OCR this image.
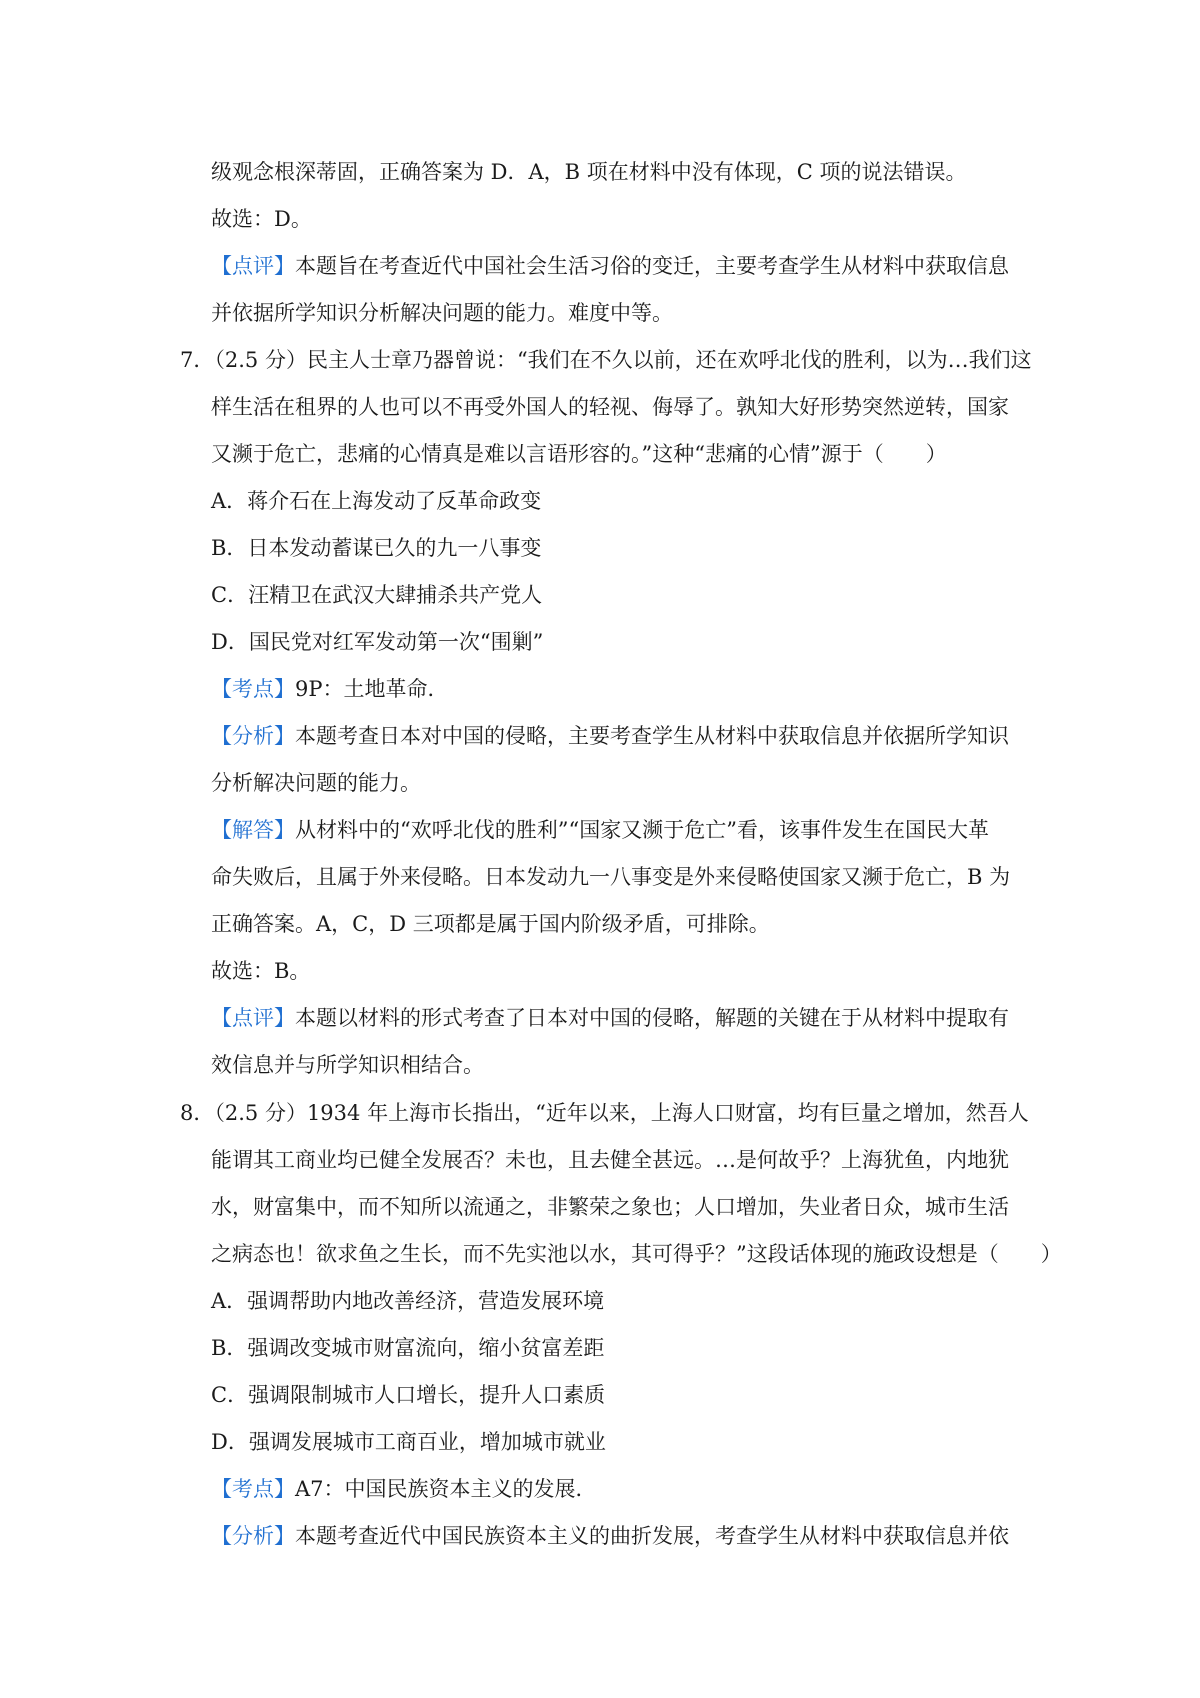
级观念根深蒂固，正确答案为 D．A，B 项在材料中没有体现，C 项的说法错误。
故选：D。
【点评】本题旨在考查近代中国社会生活习俗的变迁，主要考查学生从材料中获取信息
并依据所学知识分析解决问题的能力。难度中等。
7．（2.5 分）民主人士章乃器曾说：“我们在不久以前，还在欢呼北伐的胜利，以为…我们这
样生活在租界的人也可以不再受外国人的轻视、侮辱了。孰知大好形势突然逆转，国家
又濒于危亡，悲痛的心情真是难以言语形容的。”这种“悲痛的心情”源于（　　）
A．蒋介石在上海发动了反革命政变
B．日本发动蓄谋已久的九一八事变
C．汪精卫在武汉大肆捕杀共产党人
D．国民党对红军发动第一次“围剿”
【考点】9P：土地革命．
【分析】本题考查日本对中国的侵略，主要考查学生从材料中获取信息并依据所学知识
分析解决问题的能力。
【解答】从材料中的“欢呼北伐的胜利”“国家又濒于危亡”看，该事件发生在国民大革
命失败后，且属于外来侵略。日本发动九一八事变是外来侵略使国家又濒于危亡，B 为
正确答案。A，C，D 三项都是属于国内阶级矛盾，可排除。
故选：B。
【点评】本题以材料的形式考查了日本对中国的侵略，解题的关键在于从材料中提取有
效信息并与所学知识相结合。
8．（2.5 分）1934 年上海市长指出，“近年以来，上海人口财富，均有巨量之增加，然吾人
能谓其工商业均已健全发展否？未也，且去健全甚远。…是何故乎？上海犹鱼，内地犹
水，财富集中，而不知所以流通之，非繁荣之象也；人口增加，失业者日众，城市生活
之病态也！欲求鱼之生长，而不先实池以水，其可得乎？”这段话体现的施政设想是（　　）
A．强调帮助内地改善经济，营造发展环境
B．强调改变城市财富流向，缩小贫富差距
C．强调限制城市人口增长，提升人口素质
D．强调发展城市工商百业，增加城市就业
【考点】A7：中国民族资本主义的发展．
【分析】本题考查近代中国民族资本主义的曲折发展，考查学生从材料中获取信息并依
